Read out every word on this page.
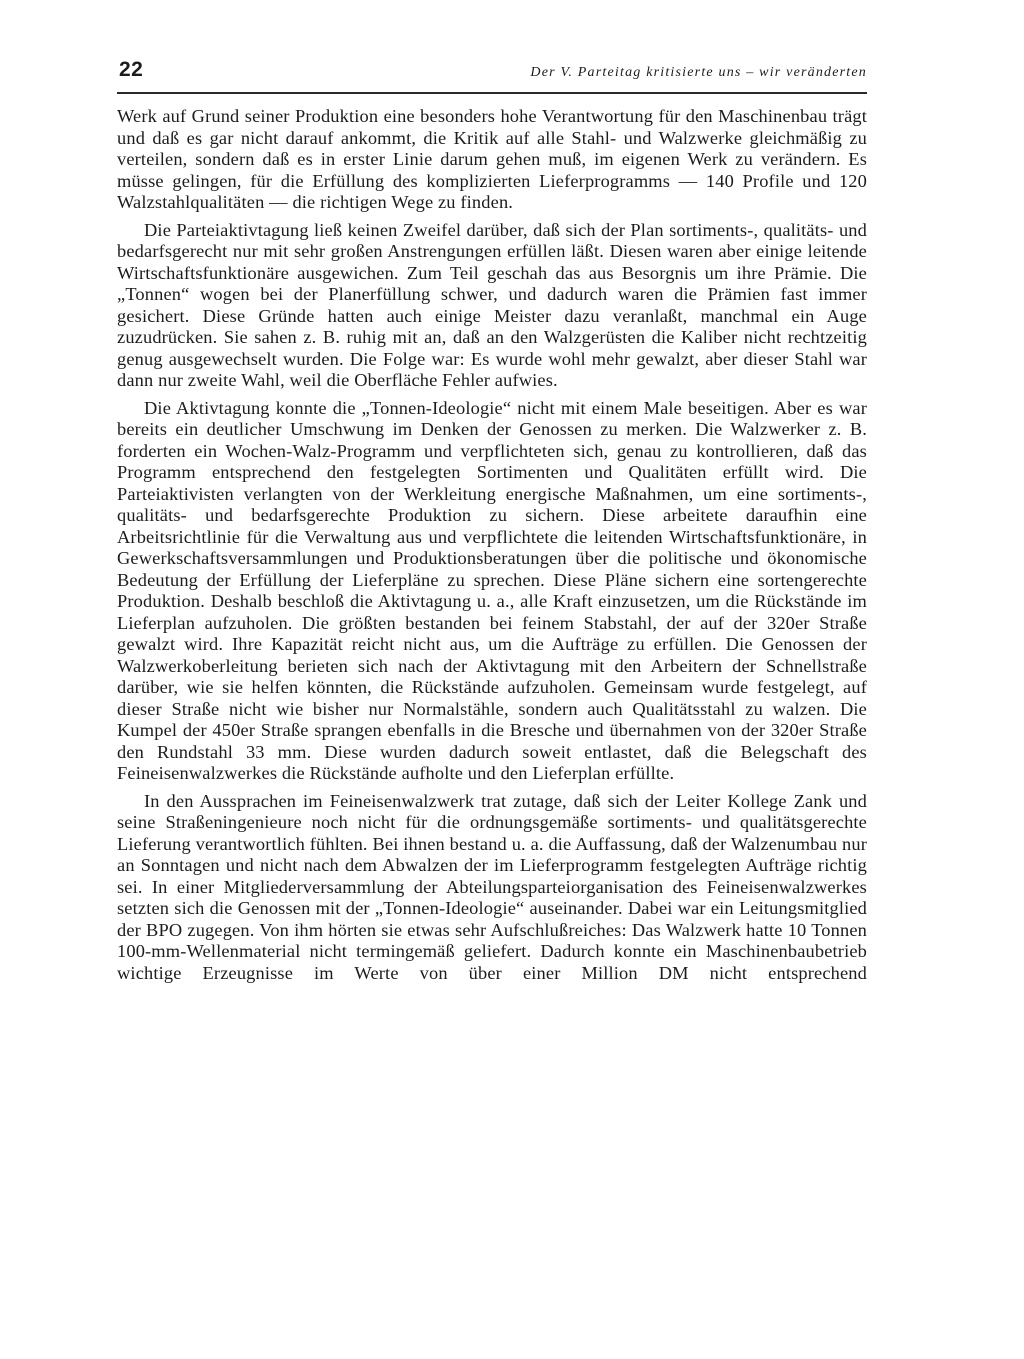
22	Der V. Parteitag kritisierte uns – wir veränderten

Werk auf Grund seiner Produktion eine besonders hohe Verantwortung für den Maschinenbau trägt und daß es gar nicht darauf ankommt, die Kritik auf alle Stahl- und Walzwerke gleichmäßig zu verteilen, sondern daß es in erster Linie darum gehen muß, im eigenen Werk zu verändern. Es müsse gelingen, für die Erfüllung des komplizierten Lieferprogramms — 140 Profile und 120 Walzstahlqualitäten — die richtigen Wege zu finden.

Die Parteiaktivtagung ließ keinen Zweifel darüber, daß sich der Plan sortiments-, qualitäts- und bedarfsgerecht nur mit sehr großen Anstrengungen erfüllen läßt. Diesen waren aber einige leitende Wirtschaftsfunktionäre ausgewichen. Zum Teil geschah das aus Besorgnis um ihre Prämie. Die „Tonnen“ wogen bei der Planerfüllung schwer, und dadurch waren die Prämien fast immer gesichert. Diese Gründe hatten auch einige Meister dazu veranlaßt, manchmal ein Auge zuzudrücken. Sie sahen z. B. ruhig mit an, daß an den Walzgerüsten die Kaliber nicht rechtzeitig genug ausgewechselt wurden. Die Folge war: Es wurde wohl mehr gewalzt, aber dieser Stahl war dann nur zweite Wahl, weil die Oberfläche Fehler aufwies.

Die Aktivtagung konnte die „Tonnen-Ideologie“ nicht mit einem Male beseitigen. Aber es war bereits ein deutlicher Umschwung im Denken der Genossen zu merken. Die Walzwerker z. B. forderten ein Wochen-Walz-Programm und verpflichteten sich, genau zu kontrollieren, daß das Programm entsprechend den festgelegten Sortimenten und Qualitäten erfüllt wird. Die Parteiaktivisten verlangten von der Werkleitung energische Maßnahmen, um eine sortiments-, qualitäts- und bedarfsgerechte Produktion zu sichern. Diese arbeitete daraufhin eine Arbeitsrichtlinie für die Verwaltung aus und verpflichtete die leitenden Wirtschaftsfunktionäre, in Gewerkschaftsversammlungen und Produktionsberatungen über die politische und ökonomische Bedeutung der Erfüllung der Lieferpläne zu sprechen. Diese Pläne sichern eine sortengerechte Produktion. Deshalb beschloß die Aktivtagung u. a., alle Kraft einzusetzen, um die Rückstände im Lieferplan aufzuholen. Die größten bestanden bei feinem Stabstahl, der auf der 320er Straße gewalzt wird. Ihre Kapazität reicht nicht aus, um die Aufträge zu erfüllen. Die Genossen der Walzwerkoberleitung berieten sich nach der Aktivtagung mit den Arbeitern der Schnellstraße darüber, wie sie helfen könnten, die Rückstände aufzuholen. Gemeinsam wurde festgelegt, auf dieser Straße nicht wie bisher nur Normalstähle, sondern auch Qualitätsstahl zu walzen. Die Kumpel der 450er Straße sprangen ebenfalls in die Bresche und übernahmen von der 320er Straße den Rundstahl 33 mm. Diese wurden dadurch soweit entlastet, daß die Belegschaft des Feineisenwalzwerkes die Rückstände aufholte und den Lieferplan erfüllte.

In den Aussprachen im Feineisenwalzwerk trat zutage, daß sich der Leiter Kollege Zank und seine Straßeningenieure noch nicht für die ordnungsgemäße sortiments- und qualitätsgerechte Lieferung verantwortlich fühlten. Bei ihnen bestand u. a. die Auffassung, daß der Walzenumbau nur an Sonntagen und nicht nach dem Abwalzen der im Lieferprogramm festgelegten Aufträge richtig sei. In einer Mitgliederversammlung der Abteilungsparteiorganisation des Feineisenwalzwerkes setzten sich die Genossen mit der „Tonnen-Ideologie“ auseinander. Dabei war ein Leitungsmitglied der BPO zugegen. Von ihm hörten sie etwas sehr Aufschlußreiches: Das Walzwerk hatte 10 Tonnen 100-mm-Wellenmaterial nicht termingemäß geliefert. Dadurch konnte ein Maschinenbaubetrieb wichtige Erzeugnisse im Werte von über einer Million DM nicht entsprechend
